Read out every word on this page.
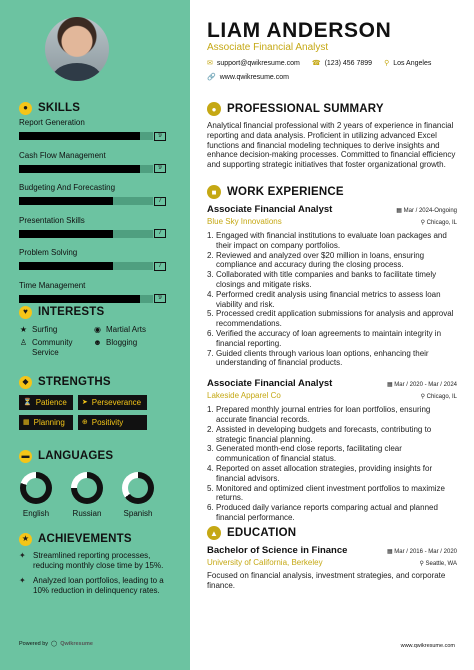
● SKILLS
Report Generation
9
Cash Flow Management
9
Budgeting And Forecasting
7
Presentation Skills
7
Problem Solving
7
Time Management
9
♥ INTERESTS
★ Surfing	◉ Martial Arts
♙ Community Service
☻ Blogging
◆ STRENGTHS
⏳ Patience ➤ Perseverance
▦ Planning ⊕ Positivity
▬ LANGUAGES
English	Russian	Spanish
★ ACHIEVEMENTS
✦ Streamlined reporting processes, reducing monthly close time by 15%.
✦ Analyzed loan portfolios, leading to a 10% reduction in delinquency rates.
Powered by ◯ Qwikresume
LIAM ANDERSON
Associate Financial Analyst
✉ support@qwikresume.com ☎ (123) 456 7899 ⚲ Los Angeles
🔗 www.qwikresume.com
● PROFESSIONAL SUMMARY

Analytical financial professional with 2 years of experience in financial reporting and data analysis. Proficient in utilizing advanced Excel functions and financial modeling techniques to derive insights and enhance decision-making processes. Committed to financial efficiency and supporting strategic initiatives that foster organizational growth.

■ WORK EXPERIENCE
Associate Financial Analyst	▦ Mar / 2024-Ongoing
Blue Sky Innovations	⚲ Chicago, IL
1. Engaged with financial institutions to evaluate loan packages and their impact on company portfolios.
2. Reviewed and analyzed over $20 million in loans, ensuring compliance and accuracy during the closing process.
3. Collaborated with title companies and banks to facilitate timely closings and mitigate risks.
4. Performed credit analysis using financial metrics to assess loan viability and risk.
5. Processed credit application submissions for analysis and approval recommendations.
6. Verified the accuracy of loan agreements to maintain integrity in financial reporting.
7. Guided clients through various loan options, enhancing their understanding of financial products.
Associate Financial Analyst	▦ Mar / 2020 - Mar / 2024
Lakeside Apparel Co	⚲ Chicago, IL
1. Prepared monthly journal entries for loan portfolios, ensuring accurate financial records.
2. Assisted in developing budgets and forecasts, contributing to strategic financial planning.
3. Generated month-end close reports, facilitating clear communication of financial status.
4. Reported on asset allocation strategies, providing insights for financial advisors.
5. Monitored and optimized client investment portfolios to maximize returns.
6. Produced daily variance reports comparing actual and planned financial performance.
▲ EDUCATION
Bachelor of Science in Finance	▦ Mar / 2016 - Mar / 2020
University of California, Berkeley	⚲ Seattle, WA

Focused on financial analysis, investment strategies, and corporate finance.

www.qwikresume.com
